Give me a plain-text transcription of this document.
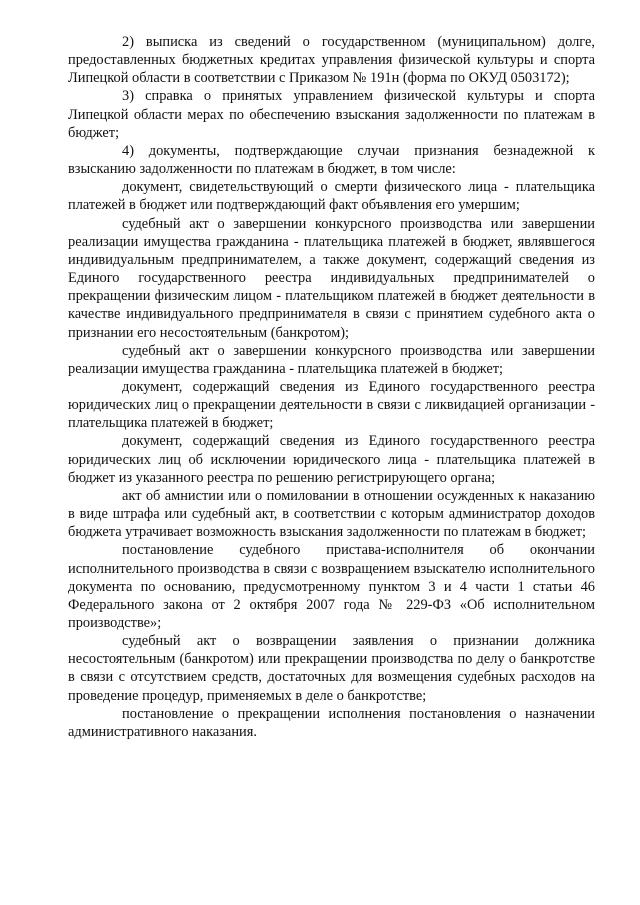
2) выписка из сведений о государственном (муниципальном) долге, предоставленных бюджетных кредитах управления физической культуры и спорта Липецкой области в соответствии с Приказом № 191н (форма по ОКУД 0503172);

3) справка о принятых управлением физической культуры и спорта Липецкой области мерах по обеспечению взыскания задолженности по платежам в бюджет;

4) документы, подтверждающие случаи признания безнадежной к взысканию задолженности по платежам в бюджет, в том числе:

документ, свидетельствующий о смерти физического лица - плательщика платежей в бюджет или подтверждающий факт объявления его умершим;

судебный акт о завершении конкурсного производства или завершении реализации имущества гражданина - плательщика платежей в бюджет, являвшегося индивидуальным предпринимателем, а также документ, содержащий сведения из Единого государственного реестра индивидуальных предпринимателей о прекращении физическим лицом - плательщиком платежей в бюджет деятельности в качестве индивидуального предпринимателя в связи с принятием судебного акта о признании его несостоятельным (банкротом);

судебный акт о завершении конкурсного производства или завершении реализации имущества гражданина - плательщика платежей в бюджет;

документ, содержащий сведения из Единого государственного реестра юридических лиц о прекращении деятельности в связи с ликвидацией организации - плательщика платежей в бюджет;

документ, содержащий сведения из Единого государственного реестра юридических лиц об исключении юридического лица - плательщика платежей в бюджет из указанного реестра по решению регистрирующего органа;

акт об амнистии или о помиловании в отношении осужденных к наказанию в виде штрафа или судебный акт, в соответствии с которым администратор доходов бюджета утрачивает возможность взыскания задолженности по платежам в бюджет;

постановление судебного пристава-исполнителя об окончании исполнительного производства в связи с возвращением взыскателю исполнительного документа по основанию, предусмотренному пунктом 3 и 4 части 1 статьи 46 Федерального закона от 2 октября 2007 года № 229-ФЗ «Об исполнительном производстве»;

судебный акт о возвращении заявления о признании должника несостоятельным (банкротом) или прекращении производства по делу о банкротстве в связи с отсутствием средств, достаточных для возмещения судебных расходов на проведение процедур, применяемых в деле о банкротстве;

постановление о прекращении исполнения постановления о назначении административного наказания.
